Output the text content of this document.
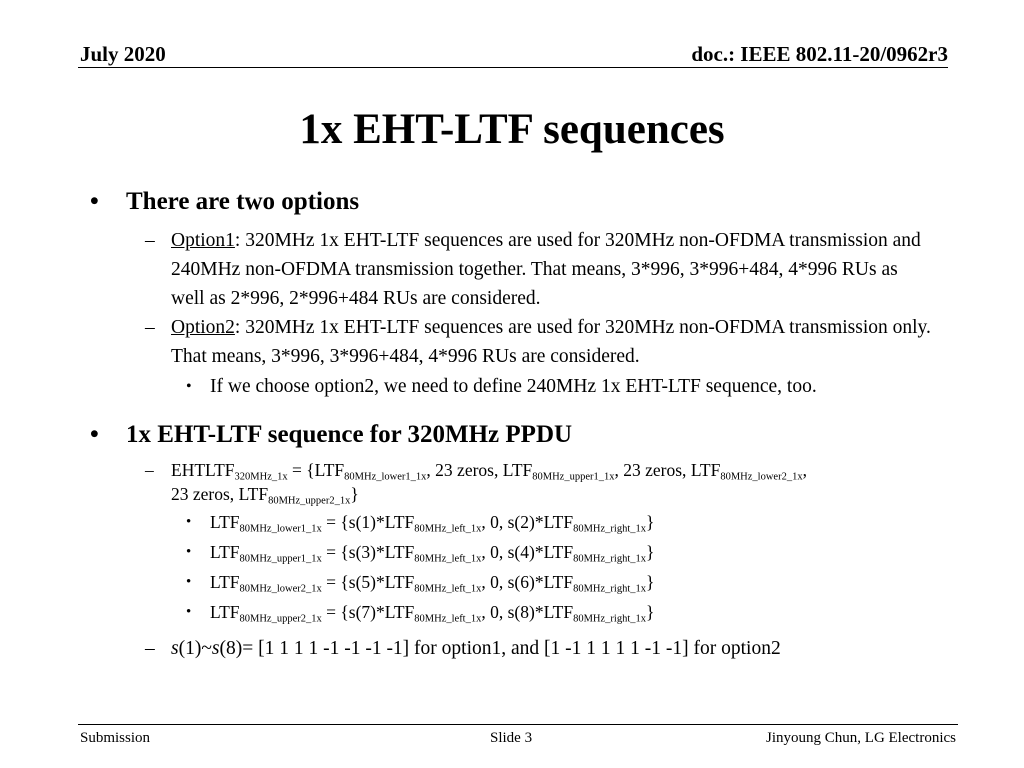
July 2020	doc.: IEEE 802.11-20/0962r3
1x EHT-LTF sequences
• There are two options
– Option1: 320MHz 1x EHT-LTF sequences are used for 320MHz non-OFDMA transmission and 240MHz non-OFDMA transmission together. That means, 3*996, 3*996+484, 4*996 RUs as well as 2*996, 2*996+484 RUs are considered.
– Option2: 320MHz 1x EHT-LTF sequences are used for 320MHz non-OFDMA transmission only. That means, 3*996, 3*996+484, 4*996 RUs are considered.
• If we choose option2, we need to define 240MHz 1x EHT-LTF sequence, too.
• 1x EHT-LTF sequence for 320MHz PPDU
– $EHTLTF_{320MHz\_1x} = \{LTF_{80MHz\_lower1\_1x}$, 23 zeros, $LTF_{80MHz\_upper1\_1x}$, 23 zeros, $LTF_{80MHz\_lower2\_1x}$,
23 zeros, $LTF_{80MHz\_upper2\_1x}$}
• $LTF_{80MHz\_lower1\_1x} = \{s(1)*LTF_{80MHz\_left\_1x}$, 0, $s(2)*LTF_{80MHz\_right\_1x}$}
• $LTF_{80MHz\_upper1\_1x} = \{s(3)*LTF_{80MHz\_left\_1x}$, 0, $s(4)*LTF_{80MHz\_right\_1x}$}
• $LTF_{80MHz\_lower2\_1x} = \{s(5)*LTF_{80MHz\_left\_1x}$, 0, $s(6)*LTF_{80MHz\_right\_1x}$}
• $LTF_{80MHz\_upper2\_1x} = \{s(7)*LTF_{80MHz\_left\_1x}$, 0, $s(8)*LTF_{80MHz\_right\_1x}$}
– s(1)~s(8)= [1 1 1 1 -1 -1 -1 -1] for option1, and [1 -1 1 1 1 1 -1 -1] for option2
Submission	Slide 3	Jinyoung Chun, LG Electronics
